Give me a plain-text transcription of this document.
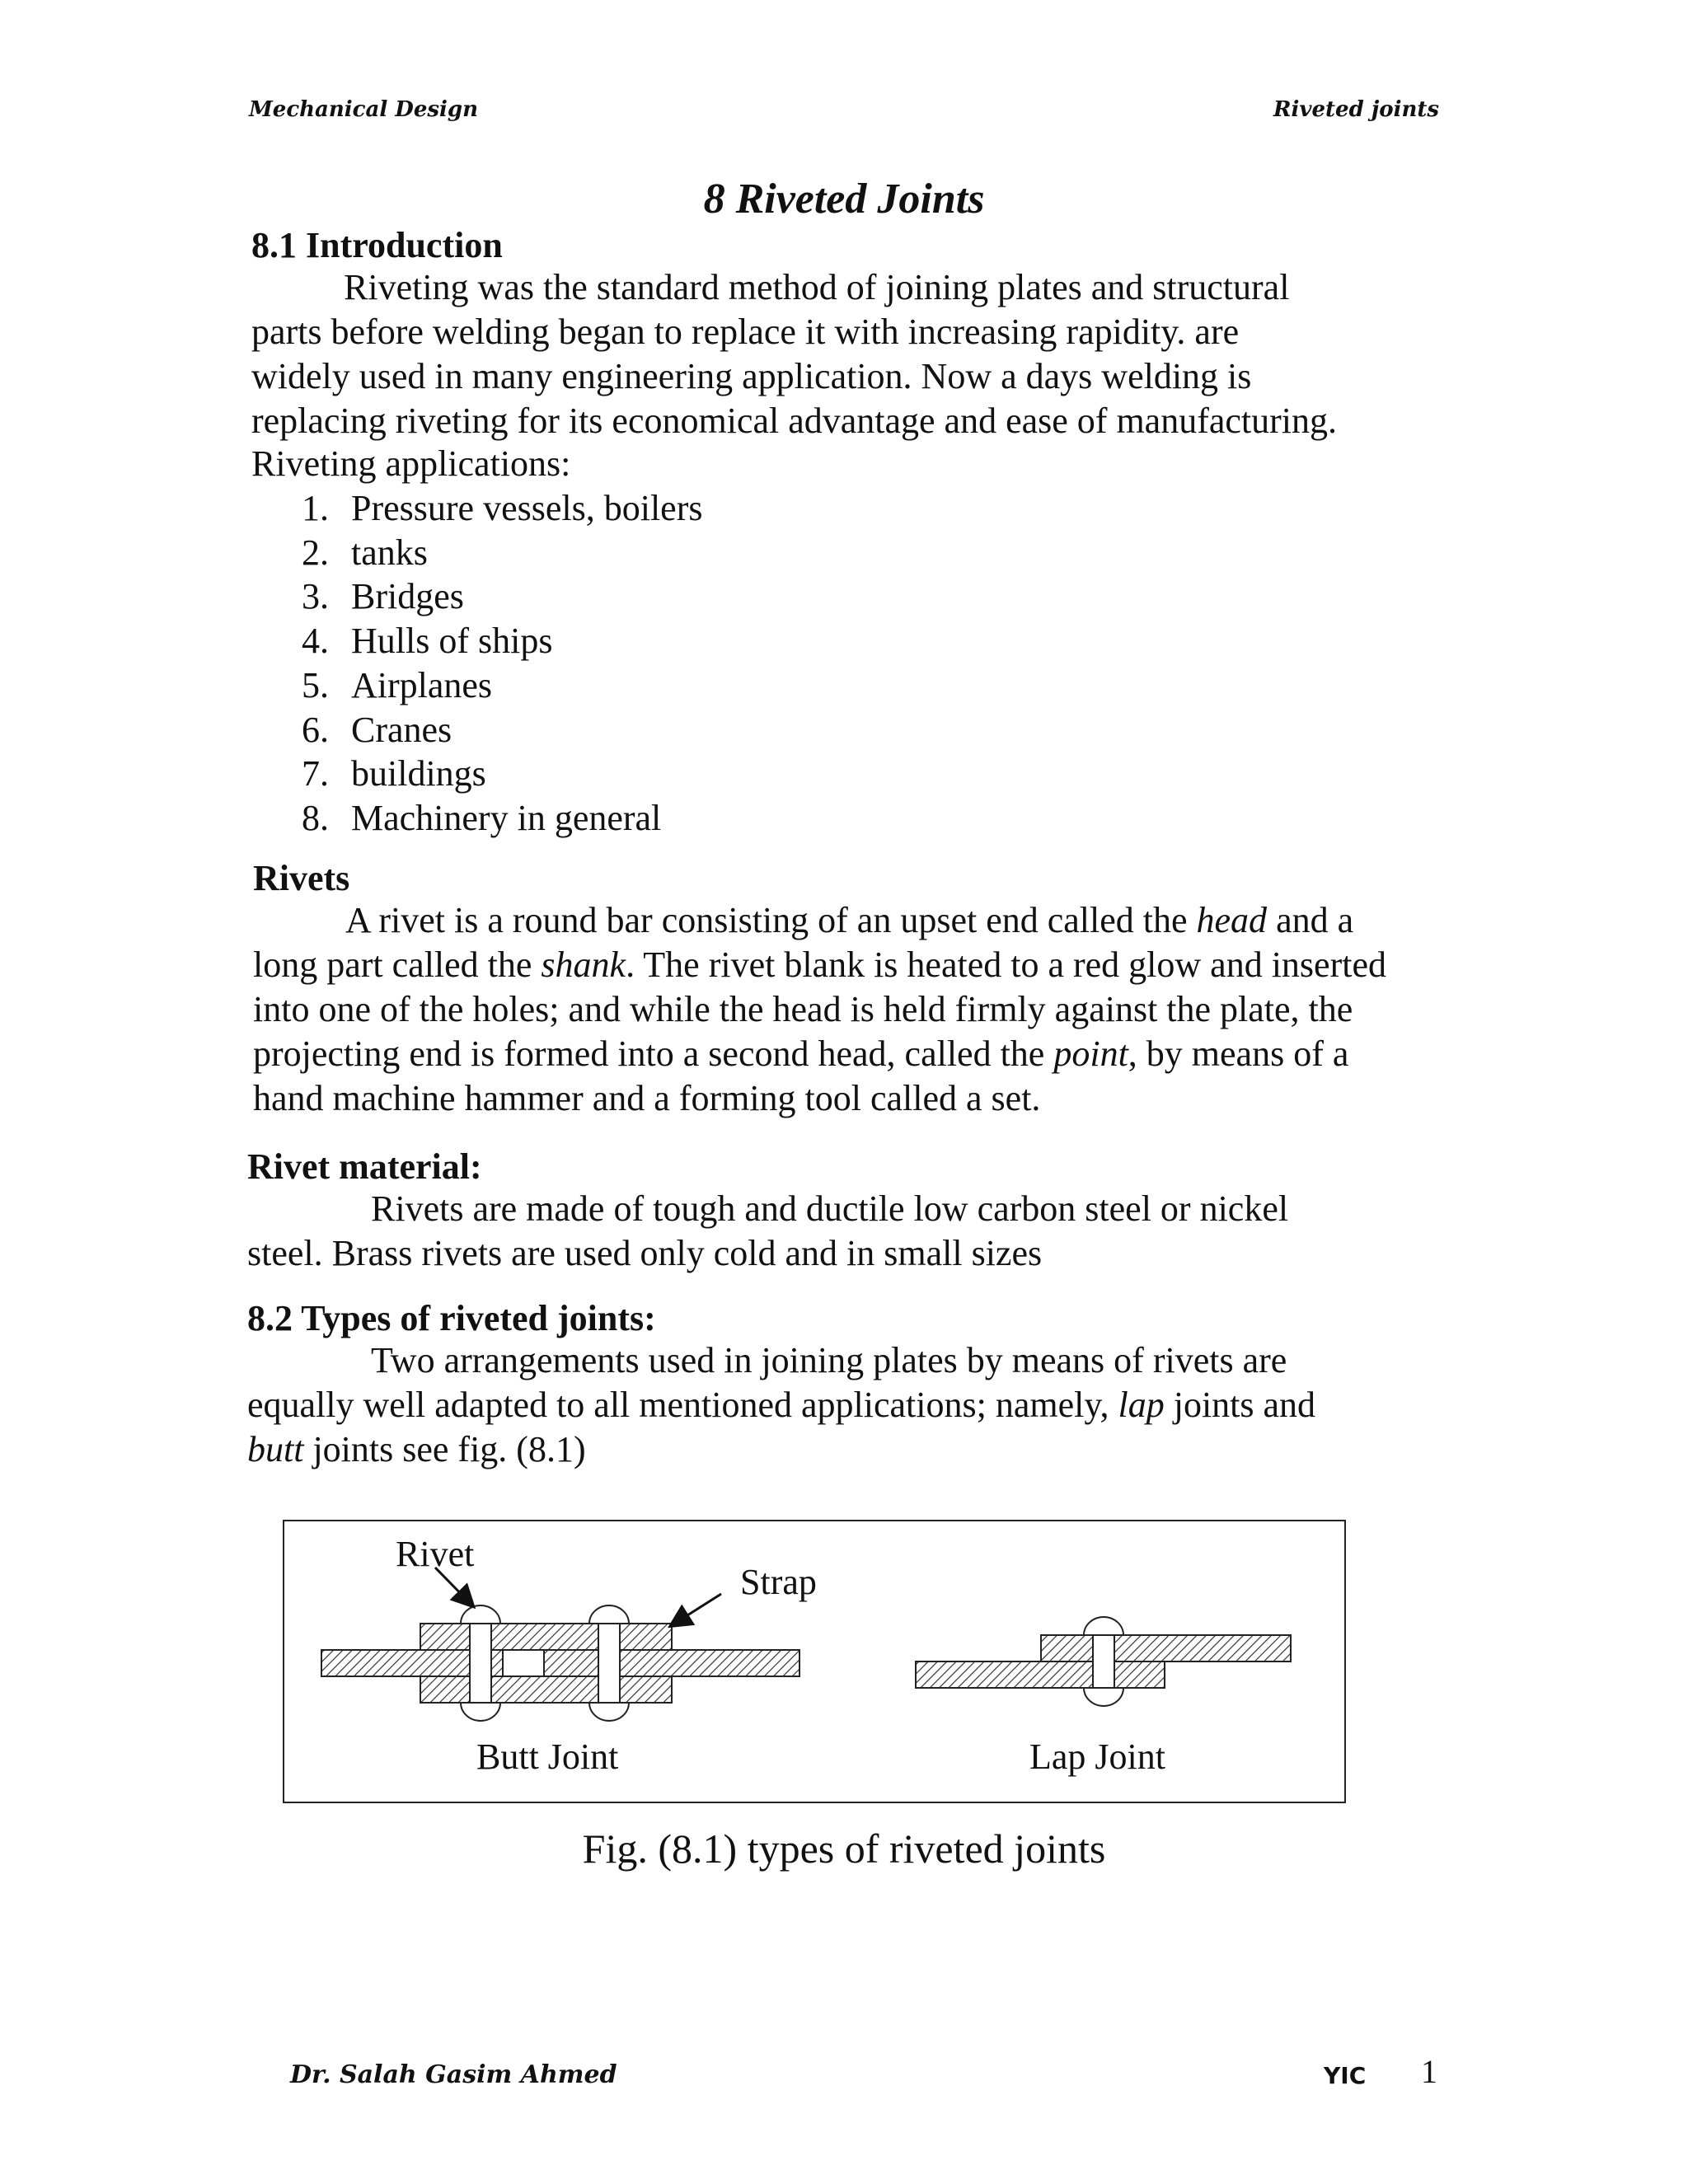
Mechanical Design	Riveted joints
8 Riveted Joints
8.1 Introduction

Riveting was the standard method of joining plates and structural

parts before welding began to replace it with increasing rapidity. are

widely used in many engineering application. Now a days welding is

replacing riveting for its economical advantage and ease of manufacturing.

Riveting applications:
1. Pressure vessels, boilers
2. tanks
3. Bridges
4. Hulls of ships
5. Airplanes
6. Cranes
7. buildings
8. Machinery in general
Rivets
A rivet is a round bar consisting of an upset end called the head and a long part called the shank. The rivet blank is heated to a red glow and inserted into one of the holes; and while the head is held firmly against the plate, the projecting end is formed into a second head, called the point, by means of a hand machine hammer and a forming tool called a set.
Rivet material:
Rivets are made of tough and ductile low carbon steel or nickel steel. Brass rivets are used only cold and in small sizes
8.2 Types of riveted joints:
Two arrangements used in joining plates by means of rivets are equally well adapted to all mentioned applications; namely, lap joints and butt joints see fig. (8.1)
Rivet
Strap
Butt Joint	Lap Joint
Fig. (8.1) types of riveted joints
Dr. Salah Gasim Ahmed	YIC 1
